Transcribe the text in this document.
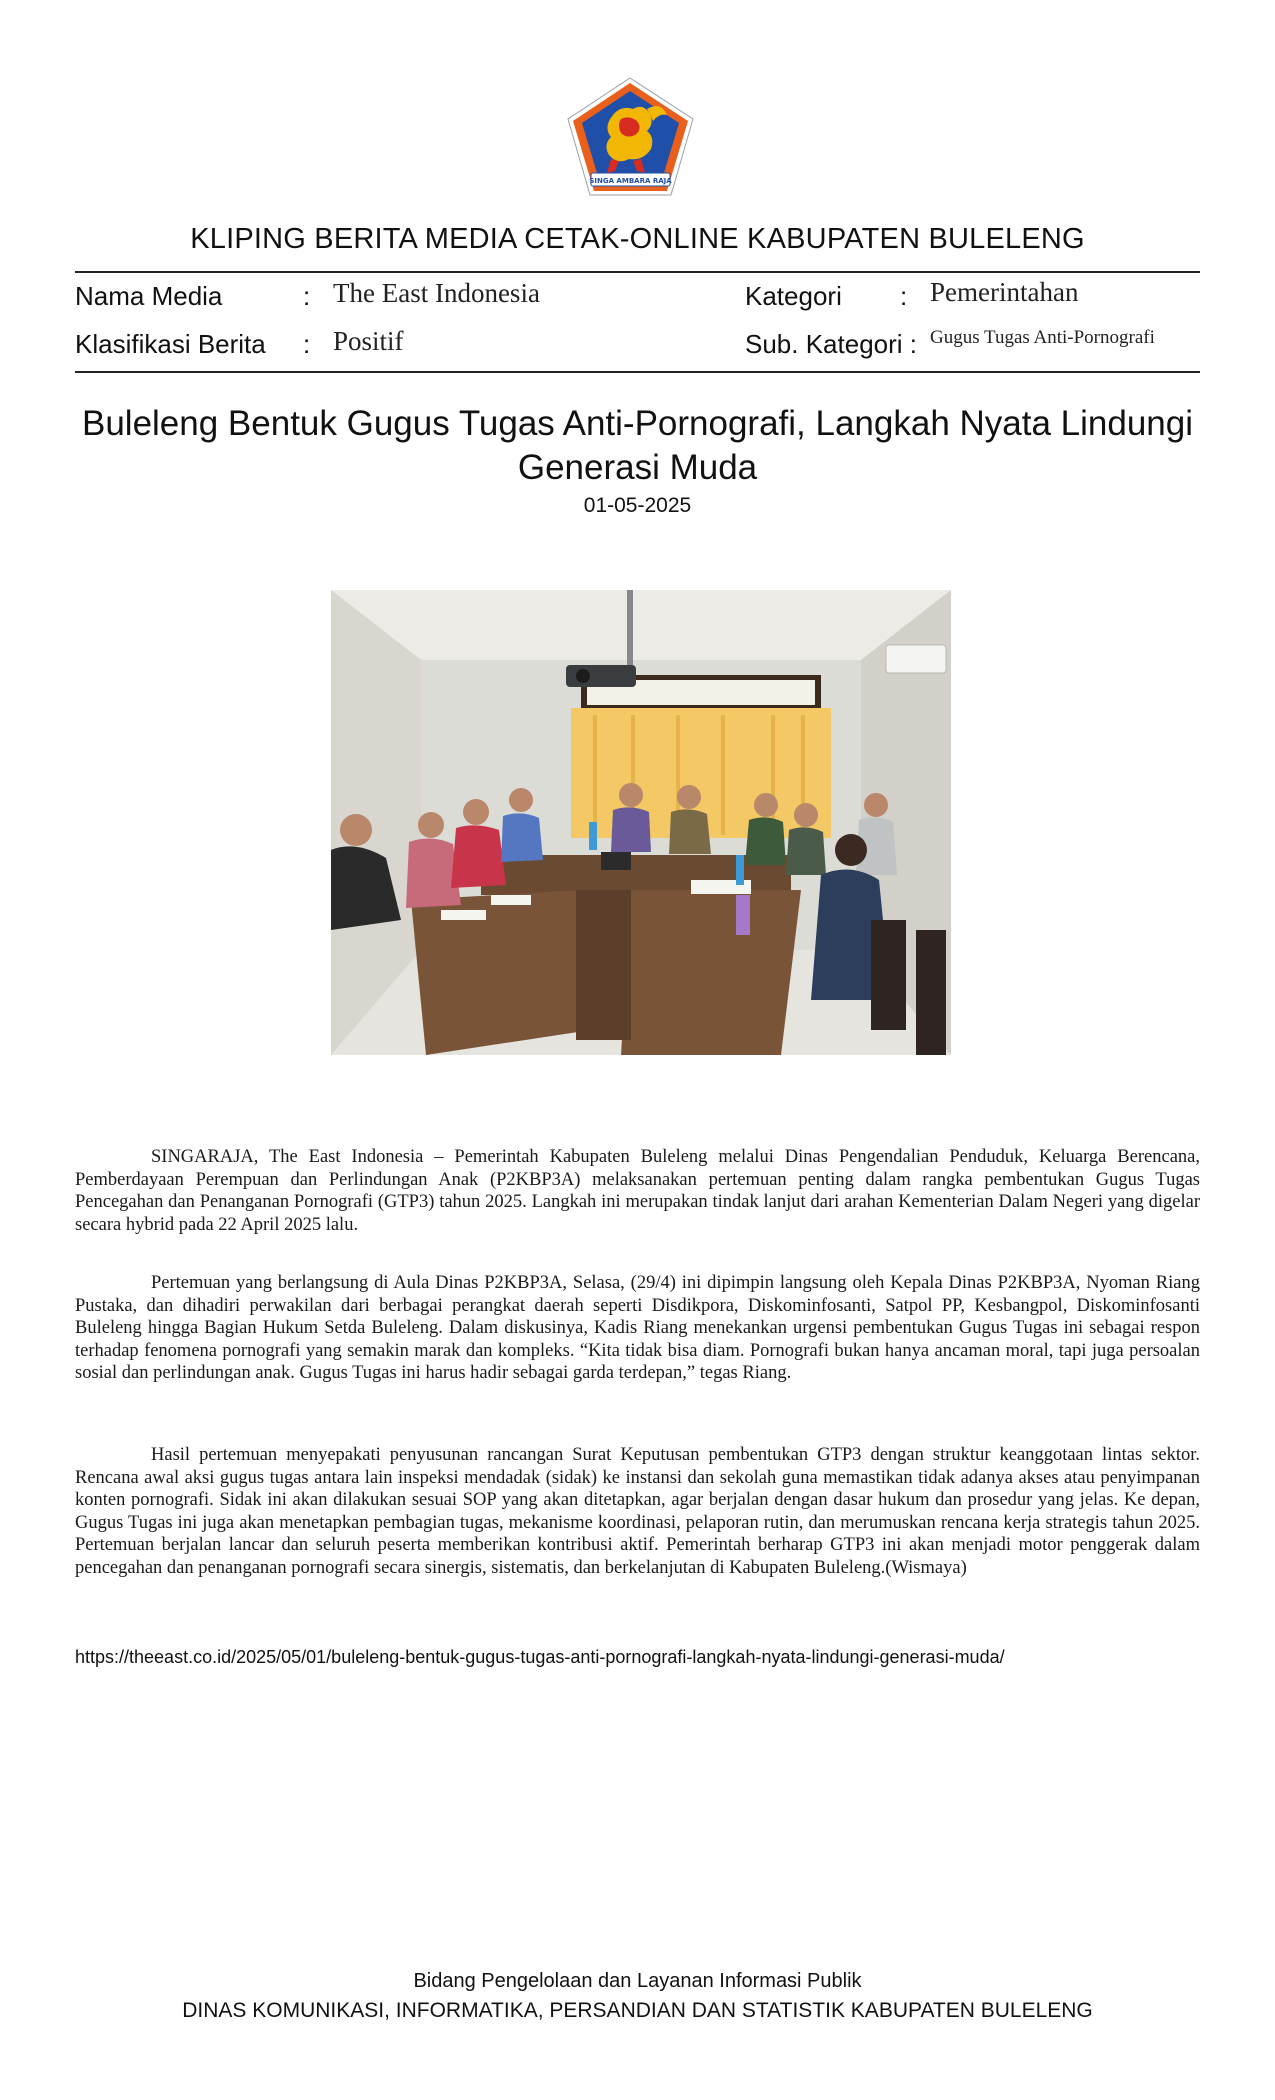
SINGA AMBARA RAJA
KLIPING BERITA MEDIA CETAK-ONLINE KABUPATEN BULELENG
Nama Media	: The East Indonesia	Kategori : Pemerintahan
Klasifikasi Berita : Positif	Sub. Kategori : Gugus Tugas Anti-Pornografi
Buleleng Bentuk Gugus Tugas Anti-Pornografi, Langkah Nyata Lindungi Generasi Muda
01-05-2025

SINGARAJA, The East Indonesia – Pemerintah Kabupaten Buleleng melalui Dinas Pengendalian Penduduk, Keluarga Berencana, Pemberdayaan Perempuan dan Perlindungan Anak (P2KBP3A) melaksanakan pertemuan penting dalam rangka pembentukan Gugus Tugas Pencegahan dan Penanganan Pornografi (GTP3) tahun 2025. Langkah ini merupakan tindak lanjut dari arahan Kementerian Dalam Negeri yang digelar secara hybrid pada 22 April 2025 lalu.

Pertemuan yang berlangsung di Aula Dinas P2KBP3A, Selasa, (29/4) ini dipimpin langsung oleh Kepala Dinas P2KBP3A, Nyoman Riang Pustaka, dan dihadiri perwakilan dari berbagai perangkat daerah seperti Disdikpora, Diskominfosanti, Satpol PP, Kesbangpol, Diskominfosanti Buleleng hingga Bagian Hukum Setda Buleleng. Dalam diskusinya, Kadis Riang menekankan urgensi pembentukan Gugus Tugas ini sebagai respon terhadap fenomena pornografi yang semakin marak dan kompleks. “Kita tidak bisa diam. Pornografi bukan hanya ancaman moral, tapi juga persoalan sosial dan perlindungan anak. Gugus Tugas ini harus hadir sebagai garda terdepan,” tegas Riang.

Hasil pertemuan menyepakati penyusunan rancangan Surat Keputusan pembentukan GTP3 dengan struktur keanggotaan lintas sektor. Rencana awal aksi gugus tugas antara lain inspeksi mendadak (sidak) ke instansi dan sekolah guna memastikan tidak adanya akses atau penyimpanan konten pornografi. Sidak ini akan dilakukan sesuai SOP yang akan ditetapkan, agar berjalan dengan dasar hukum dan prosedur yang jelas. Ke depan, Gugus Tugas ini juga akan menetapkan pembagian tugas, mekanisme koordinasi, pelaporan rutin, dan merumuskan rencana kerja strategis tahun 2025. Pertemuan berjalan lancar dan seluruh peserta memberikan kontribusi aktif. Pemerintah berharap GTP3 ini akan menjadi motor penggerak dalam pencegahan dan penanganan pornografi secara sinergis, sistematis, dan berkelanjutan di Kabupaten Buleleng.(Wismaya)

https://theeast.co.id/2025/05/01/buleleng-bentuk-gugus-tugas-anti-pornografi-langkah-nyata-lindungi-generasi-muda/
Bidang Pengelolaan dan Layanan Informasi Publik
DINAS KOMUNIKASI, INFORMATIKA, PERSANDIAN DAN STATISTIK KABUPATEN BULELENG
